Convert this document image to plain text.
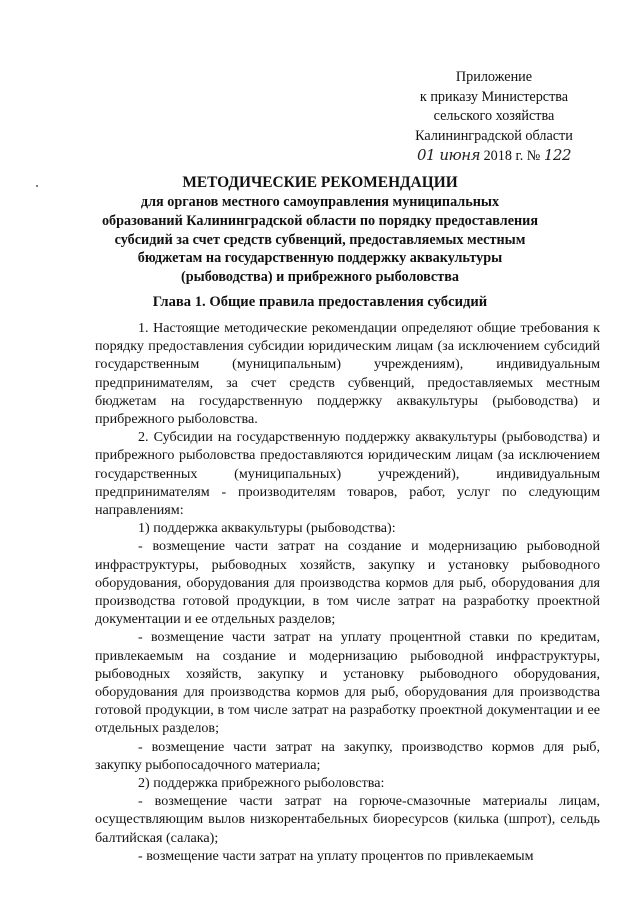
Приложение
к приказу Министерства
сельского хозяйства
Калининградской области
01 июня 2018 г. № 122
МЕТОДИЧЕСКИЕ РЕКОМЕНДАЦИИ

для органов местного самоуправления муниципальных образований Калининградской области по порядку предоставления субсидий за счет средств субвенций, предоставляемых местным бюджетам на государственную поддержку аквакультуры (рыбоводства) и прибрежного рыболовства

Глава 1. Общие правила предоставления субсидий

1. Настоящие методические рекомендации определяют общие требования к порядку предоставления субсидии юридическим лицам (за исключением субсидий государственным (муниципальным) учреждениям), индивидуальным предпринимателям, за счет средств субвенций, предоставляемых местным бюджетам на государственную поддержку аквакультуры (рыбоводства) и прибрежного рыболовства.

2. Субсидии на государственную поддержку аквакультуры (рыбоводства) и прибрежного рыболовства предоставляются юридическим лицам (за исключением государственных (муниципальных) учреждений), индивидуальным предпринимателям - производителям товаров, работ, услуг по следующим направлениям:

1) поддержка аквакультуры (рыбоводства):

- возмещение части затрат на создание и модернизацию рыбоводной инфраструктуры, рыбоводных хозяйств, закупку и установку рыбоводного оборудования, оборудования для производства кормов для рыб, оборудования для производства готовой продукции, в том числе затрат на разработку проектной документации и ее отдельных разделов;

- возмещение части затрат на уплату процентной ставки по кредитам, привлекаемым на создание и модернизацию рыбоводной инфраструктуры, рыбоводных хозяйств, закупку и установку рыбоводного оборудования, оборудования для производства кормов для рыб, оборудования для производства готовой продукции, в том числе затрат на разработку проектной документации и ее отдельных разделов;

- возмещение части затрат на закупку, производство кормов для рыб, закупку рыбопосадочного материала;

2) поддержка прибрежного рыболовства:

- возмещение части затрат на горюче-смазочные материалы лицам, осуществляющим вылов низкорентабельных биоресурсов (килька (шпрот), сельдь балтийская (салака);

- возмещение части затрат на уплату процентов по привлекаемым
